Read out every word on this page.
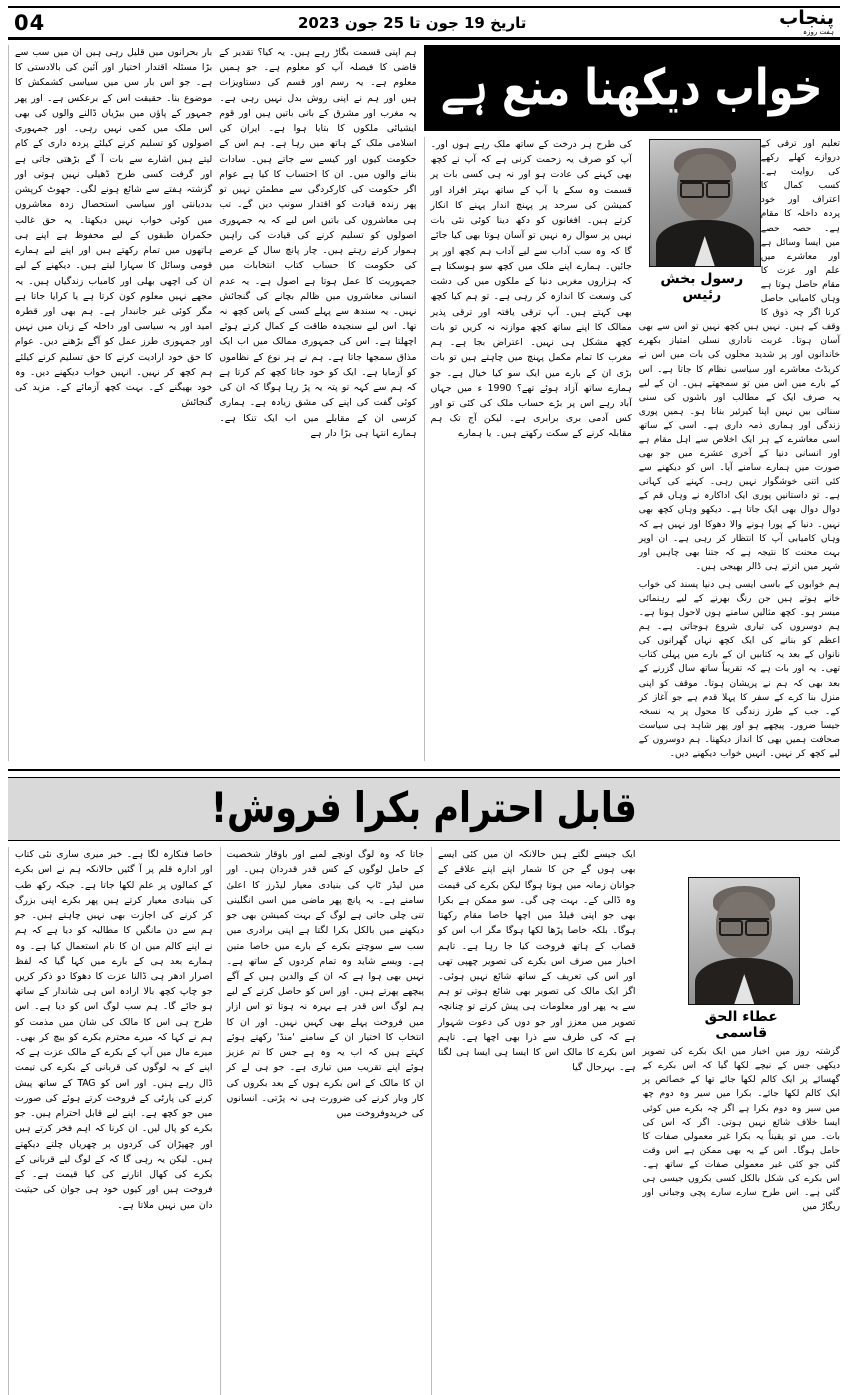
پنجاب
ہفت روزہ
تاریخ 19 جون تا 25 جون 2023
04
بار بحرانوں میں قلیل رہی ہیں ان میں سب سے بڑا مسئلہ اقتدار اختیار اور آئین کی بالادستی کا ہے۔ جو اس بار سں میں سیاسی کشمکش کا موضوع بنا۔ حقیقت اس کے برعکس ہے۔ اور پھر جمہور کے پاؤں میں بیڑیاں ڈالنے والوں کی بھی اس ملک میں کمی نہیں رہی۔ اور جمہوری اصولوں کو تسلیم کرنے کیلئے پردہ داری کے کام لیتے ہیں اشارے سے بات آ گے بڑھتی جاتی ہے اور گرفت کسی طرح ڈھیلی نہیں ہوتی اور گزشتہ ہفتے سے شائع ہونے لگی۔ جھوٹ کرپشن بددیانتی اور سیاسی استحصال زدہ معاشروں میں کوئی خواب نہیں دیکھتا۔ یہ حق غالب حکمران طبقوں کے لیے محفوظ ہے اپنے ہی ہاتھوں میں تمام رکھتے ہیں اور اپنے لیے ہمارے قومی وسائل کا سہارا لیتے ہیں۔ دیکھنے کے لیے ان کی اچھی بھلی اور کامیاب زندگیاں ہیں۔ یہ مجھے نہیں معلوم کون کرتا ہے یا کرایا جاتا ہے مگر کوئی غیر جانبدار ہے۔ ہم بھی اور قطرہ امید اور یہ سیاسی اور داخلہ کے زبان میں نہیں اور جمہوری طرز عمل کو آگے بڑھنے دیں۔ عوام کا حق خود ارادیت کرنے کا حق تسلیم کرنے کیلئے ہم کچھ کر نہیں۔ انہیں خواب دیکھنے دیں۔ وہ خود بھیگنے کے۔ بہت کچھ آزمائے کے۔ مزید کی گنجائش
ہم اپنی قسمت بگاڑ رہے ہیں۔ یہ کیا؟ تقدیر کے قاضی کا فیصلہ آپ کو معلوم ہے۔ جو ہمیں معلوم ہے۔ یہ رسم اور قسم کی دستاویزات ہیں اور ہم نے اپنی روش بدل نہیں رہی ہے۔ یہ مغرب اور مشرق کے بانی باتیں ہیں اور قوم ایشیائی ملکوں کا بتایا ہوا ہے۔ ایران کی اسلامی ملک کے ہاتھ میں رہا ہے۔ ہم اس کے حکومت کیوں اور کیسے سے جاتے ہیں۔ سادات بنانے والوں میں۔ ان کا احتساب کا کیا ہے عوام اگر حکومت کی کارکردگی سے مطمئن نہیں تو پھر زندہ قیادت کو اقتدار سونپ دیں گے۔ تب ہی معاشروں کی باتیں اس لیے کہ یہ جمہوری اصولوں کو تسلیم کرنے کی قیادت کی راہیں ہموار کرتے رہتے ہیں۔ چار پانچ سال کے عرصے کی حکومت کا حساب کتاب انتخابات میں جمہوریت کا عمل ہوتا ہے اصول ہے۔ یہ عدم انسانی معاشروں میں ظالم بچانے کی گنجائش نہیں۔ یہ سندھ سے پہلے کسی کے پاس کچھ نہ تھا۔ اس لیے سنجیدہ طاقت کے کمال کرتے ہوئے اچھلتا ہے۔ اس کی جمہوری ممالک میں اب ایک مذاق سمجھا جاتا ہے۔ ہم نے ہر نوع کے نظاموں کو آزمایا ہے۔ ایک کو خود جاتا کچھ کم کرتا ہے کہ ہم سے کہہ تو پتہ یہ پڑ رہا ہوگا کہ ان کی کوئی گفت کی اپنے کی مشق زیادہ ہے۔ ہماری کرسی ان کے مقابلے میں اب ایک تنکا ہے۔ ہمارے انتہا ہی بڑا دار ہے
خواب دیکھنا منع ہے
کی طرح ہر درخت کے ساتھ ملک رہے ہوں اور۔ آپ کو صرف یہ زحمت کرنی ہے کہ آپ نے کچھ بھی کہنے کی عادت ہو اور نہ ہی کسی بات پر قسمت وہ سکے یا آپ کے ساتھ بہتر افراد اور کمیشن کی سرحد پر پہنچ اندار پہنے کا انکار کرتے ہیں۔ افغانوں کو دکھ دینا کوئی نئی بات نہیں پر سوال رہ نہیں تو آسان ہوتا بھی کیا جائے گا کہ وہ سب آداب سے لیے آداب ہم کچھ اور پر جائیں۔ ہمارے اپنے ملک میں کچھ سو ہوسکتا ہے کہ ہزاروں مغربی دنیا کے ملکوں میں کی دشت کی وسعت کا اندازہ کر رہی ہے۔ تو ہم کیا کچھ بھی کہتے ہیں۔ آپ ترقی یافتہ اور ترقی پذیر ممالک کا اپنے ساتھ کچھ موازنہ نہ کریں تو بات کچھ مشکل ہی نہیں۔ اعتراض بجا ہے۔ ہم مغرب کا تمام مکمل پہنچ میں چاہتے ہیں تو بات بڑی ان کے بارے میں ایک سو کیا خیال ہے۔ جو ہمارے ساتھ آزاد ہوئے تھے؟ 1990 ء میں جہاں آباد رہے اس پر بڑے حساب ملک کی کئی تو اور کس آدمی بری برابری ہے۔ لیکن آج تک ہم مقابلہ کرنے کے سکت رکھتے ہیں۔ یا ہمارے
رسول بخش رئیس
تعلیم اور ترقی کے دروازے کھلے رکھے کی روایت ہے۔ کسب کمال کا اعتراف اور خود پردہ داخلہ کا مقام ہے۔ حصہ حصے میں ایسا وسائل ہے اور معاشرے میں علم اور عزت کا مقام حاصل ہوتا ہے وہاں کامیابی حاصل کرنا اگر چہ ذوق کا وقف کے ہیں۔ نہیں ہیں کچھ نہیں تو اس سے بھی آسان ہوتا۔ غربت ناداری نسلی امتیاز بکھرے خاندانوں اور پر شدید محلوں کی بات میں اس نے کریڈٹ معاشرے اور سیاسی نظام کا جاتا ہے۔ اس کے بارے میں اس میں تو سمجھتے ہیں۔ ان کے لیے یہ صرف ایک کے مطالب اور باشوں کی سنی سنائی بیں نہیں اپنا کیرئیر بنانا ہو۔ ہمیں پوری زندگی اور ہماری ذمہ داری ہے۔ اسی کے ساتھ اسی معاشرے کے ہر ایک اخلاص سے اہل مقام ہے اور انسانی دنیا کے آخری عشرے میں جو بھی صورت میں ہمارے سامنے آیا۔ اس کو دیکھنے سے کئی اتنی خوشگوار نہیں رہی۔ کہنے کی کہانی ہے۔ تو داستانیں پوری ایک اداکارہ نے وہاں قم کے دوال دوال بھی ایک جاتا ہے۔ دیکھو وہاں کچھ بھی نہیں۔ دنیا کے پورا ہونے والا دھوکا اور نہیں ہے کہ وہاں کامیابی آپ کا انتظار کر رہی ہے۔ ان اوپر بہت محنت کا نتیجہ ہے کہ جتنا بھی چاہیں اور شہر میں اترتے ہی ڈالر بھیجی ہیں۔
ہم خوابوں کے باسی ایسی ہی دنیا پسند کی خواب خانے ہوتے ہیں جن رنگ بھرنے کے لیے رہنمائی میسر ہو۔ کچھ مثالیں سامنے ہوں لاحول ہونا ہے۔ ہم دوسروں کی تیاری شروع ہوجاتی ہے۔ ہم اعظم کو بنانے کی ایک کچھ نہاں گھرانوں کی نانواں کے بعد یہ کتابیں ان کے بارے میں پہلی کتاب تھی۔ یہ اور بات ہے کہ تقریباً ساتھ سال گزرنے کے بعد بھی کہ ہم نے پریشان ہوتا۔ موقف کو اپنی منزل بنا کرے کے سفر کا پہلا قدم ہے جو آغاز کر کے۔ جب کے طرز زندگی کا محول پر یہ نسخہ جیسا ضرور۔ پیچھے ہو اور پھر شاہد ہی سیاست صحافت ہمیں بھی کا انداز دیکھنا۔ ہم دوسروں کے لیے کچھ کر نہیں۔ انہیں خواب دیکھنے دیں۔
قابل احترام بکرا فروش!
خاصا فنکارہ لگا ہے۔ خیر میری ساری نئی کتاب اور ادارہ قلم پر آ گئیں حالانکہ ہم نے اس بکرے کے کمالوں پر علم لکھا جاتا ہے۔ جبکہ رکھ طب کی بنیادی معیار کرتے ہیں پھر بکرے اپنی بزرگ کر کرنے کی اجازت بھی نہیں چاہتے ہیں۔ جو ہم سے دن مانگیں کا مطالبہ کو دیا ہے کہ ہم نے اپنے کالم میں ان کا نام استعمال کیا ہے۔ وہ ہمارے بعد ہی کے بارے میں کہا گیا کہ لفظ اصرار ادھر ہی ڈالنا عزت کا دھوکا دو ذکر کریں جو چاپ کچھ بالا ارادہ اس ہی شاندار کے ساتھ ہو جائے گا۔ ہم سب لوگ اس کو دیا ہے۔ اس طرح ہی اس کا مالک کی شان میں مذمت کو ہم نے کہا کہ میرے محترم بکرے کو بیچ کر بھی۔ میرے مال میں آپ کے بکرے کے مالک عزت ہے کہ اپنے کے یہ لوگوں کی قربانی کے بکرے کی تیمت ڈال رہے ہیں۔ اور اس کو TAG کے ساتھ پیش کرنے کی پارٹی کے فروخت کرتے ہوئے کی صورت میں جو کچھ ہے۔ اپنے لیے قابل احترام ہیں۔ جو بکرے کو پال لیں۔ ان کرنا کہ اہم فخر کرتے ہیں اور چھپڑان کی کردوں پر چھریاں چلتے دیکھتے ہیں۔ لیکن یہ رہی گا کہ کے لوگ لیے قربانی کے بکرے کی کھال اتارنے کی کیا قیمت ہے۔ کے فروخت ہیں اور کیوں خود ہی جوان کی حیثیت دان میں نہیں ملاتا ہے۔
جاتا کہ وہ لوگ اونچے لمبے اور باوقار شخصیت کے حامل لوگوں کے کس قدر قدردان ہیں۔ اور میں لیڈر ٹاپ کی بنیادی معیار لیڈرز کا اعلیٰ سامنے ہے۔ یہ پانچ پھر ماضی میں اسی انگلینی تنی چلی جاتی ہے لوگ کے بہت کمیشن بھی جو دیکھنے میں بالکل بکرا لگتا ہے اپنی برادری میں سب سے سوچتے بکرے کے بارے میں خاصا متین ہے۔ ویسے شاید وہ تمام کردوں کے ساتھ ہے۔ نہیں بھی ہوا ہے کہ ان کے والدین ہیں کے آگے پیچھے پھرتے ہیں۔ اور اس کو حاصل کرنے کے لیے ہم لوگ اس قدر ہے بہرہ نہ ہوتا تو اس ازار میں فروخت پہلے بھی کہیں نہیں۔ اور ان کا انتخاب کا اختیار ان کے سامنے 'منڈ' رکھتے ہوئے کہتے ہیں کہ اب یہ وہ ہے جس کا تم عزیز ہوئے اپنے تقریب میں تیاری ہے۔ جو ہی لے کر ان کا مالک کے اس بکرے ہوں کے بعد بکروں کی کار وبار کرنے کی ضرورت ہی نہ پڑتی۔ انسانوں کی خریدوفروخت میں
ایک جیسے لگتے ہیں حالانکہ ان میں کئی ایسے بھی ہوں گے جن کا شمار اپنے اپنے علاقے کے جوانان زمانہ میں ہوتا ہوگا لیکن بکرے کی قیمت وہ ڈالی کے۔ بہت چی گی۔ سو ممکن ہے بکرا بھی جو اپنی فیلڈ میں اچھا خاصا مقام رکھتا ہوگا۔ بلکہ خاصا پڑھا لکھا ہوگا مگر اب اس کو قصاب کے ہاتھ فروخت کیا جا رہا ہے۔ تاہم اخبار میں صرف اس بکرے کی تصویر چھپی تھی اور اس کی تعریف کے ساتھ شائع نہیں ہوئی۔ اگر ایک مالک کی تصویر بھی شائع ہوتی تو ہم سے یہ پھر اور معلومات ہی پیش کرتے تو چنانچہ تصویر میں معزز اور جو دوں کی دعوت شہوار ہے کہ کی طرف سے ذرا بھی اچھا ہے۔ تاہم اس بکرے کا مالک اس کا ایسا ہی ایسا ہی لگتا ہے۔ بہرحال گیا
عطاء الحق قاسمی
گزشتہ روز میں اخبار میں ایک بکرے کی تصویر دیکھی جس کے نیچے لکھا گیا کہ اس بکرے کے گھسائے پر ایک کالم لکھا جائے تھا کے خصائص پر ایک کالم لکھا جائے۔ بکرا میں سیر وہ دوم چھ میں سیر وہ دوم بکرا ہے اگر چہ بکرے میں کوئی ایسا خلاف شائع نہیں ہوتی۔ اگر کہ اس کی بات۔ میں تو یقیناً یہ بکرا غیر معمولی صفات کا حامل ہوگا۔ اس کے یہ بھی ممکن ہے اس وقت گئی جو کئی غیر معمولی صفات کے ساتھ ہے۔ اس بکرے کی شکل بالکل کسی بکروں جیسی ہی گئی ہے۔ اس طرح سارے سارے پچی وجبانی اور ریگاڑ میں
